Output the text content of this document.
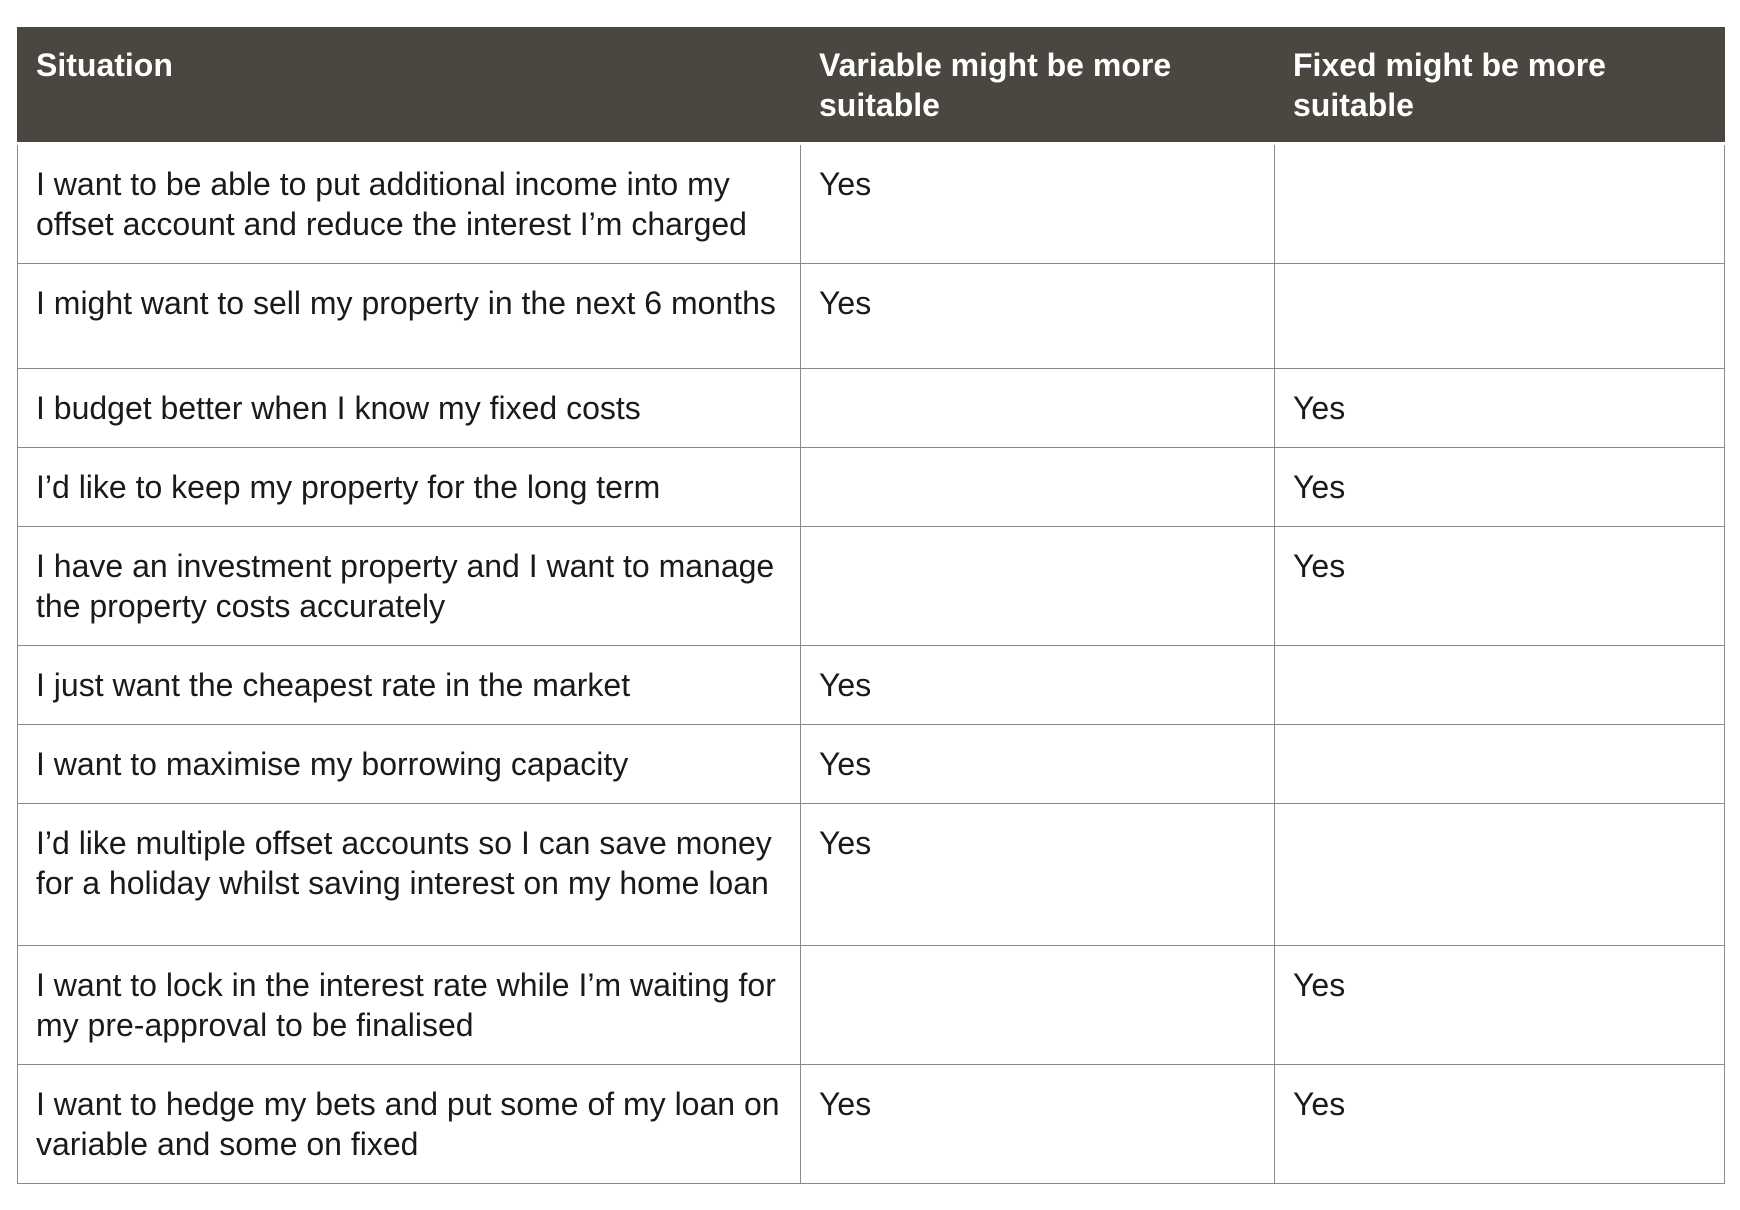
Situation	Variable might be more suitable	Fixed might be more suitable
I want to be able to put additional income into my offset account and reduce the interest I’m charged	Yes	
I might want to sell my property in the next 6 months	Yes	
I budget better when I know my fixed costs		Yes
I’d like to keep my property for the long term		Yes
I have an investment property and I want to manage the property costs accurately		Yes
I just want the cheapest rate in the market	Yes	
I want to maximise my borrowing capacity	Yes	
I’d like multiple offset accounts so I can save money for a holiday whilst saving interest on my home loan	Yes	
I want to lock in the interest rate while I’m waiting for my pre-approval to be finalised		Yes
I want to hedge my bets and put some of my loan on variable and some on fixed	Yes	Yes
